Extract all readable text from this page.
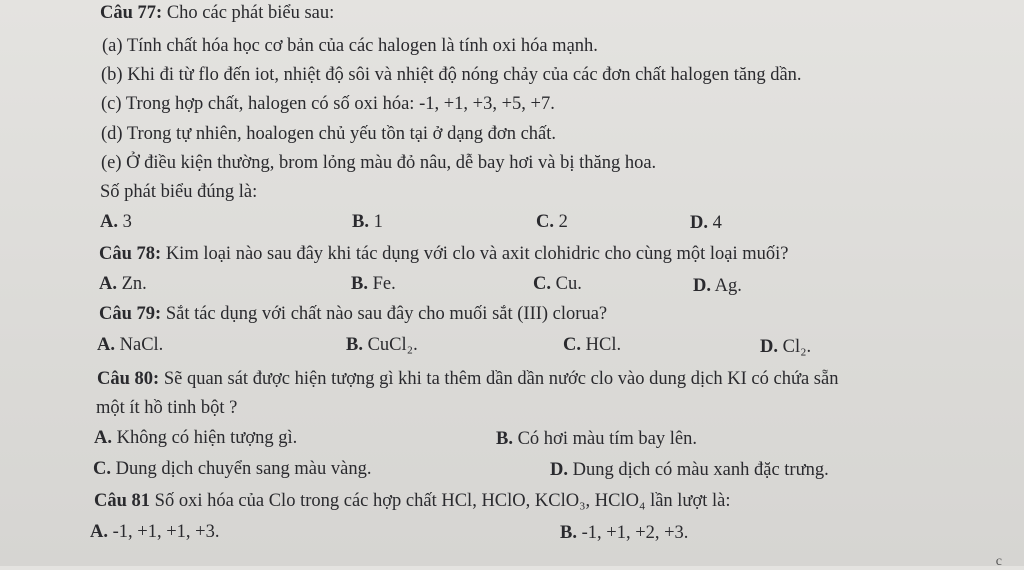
Câu 77: Cho các phát biểu sau:
(a) Tính chất hóa học cơ bản của các halogen là tính oxi hóa mạnh.
(b) Khi đi từ flo đến iot, nhiệt độ sôi và nhiệt độ nóng chảy của các đơn chất halogen tăng dần.
(c) Trong hợp chất, halogen có số oxi hóa: -1, +1, +3, +5, +7.
(d) Trong tự nhiên, hoalogen chủ yếu tồn tại ở dạng đơn chất.
(e) Ở điều kiện thường, brom lỏng màu đỏ nâu, dễ bay hơi và bị thăng hoa.
Số phát biểu đúng là:
A. 3	B. 1	C. 2	D. 4
Câu 78: Kim loại nào sau đây khi tác dụng với clo và axit clohidric cho cùng một loại muối?
A. Zn.	B. Fe.	C. Cu.	D. Ag.
Câu 79: Sắt tác dụng với chất nào sau đây cho muối sắt (III) clorua?
A. NaCl.	B. CuCl₂.	C. HCl.	D. Cl₂.
Câu 80: Sẽ quan sát được hiện tượng gì khi ta thêm dần dần nước clo vào dung dịch KI có chứa sẵn
một ít hồ tinh bột ?
A. Không có hiện tượng gì.	B. Có hơi màu tím bay lên.
C. Dung dịch chuyển sang màu vàng.	D. Dung dịch có màu xanh đặc trưng.
Câu 81 Số oxi hóa của Clo trong các hợp chất HCl, HClO, KClO₃, HClO₄ lần lượt là:
A. -1, +1, +1, +3.	B. -1, +1, +2, +3.
c
